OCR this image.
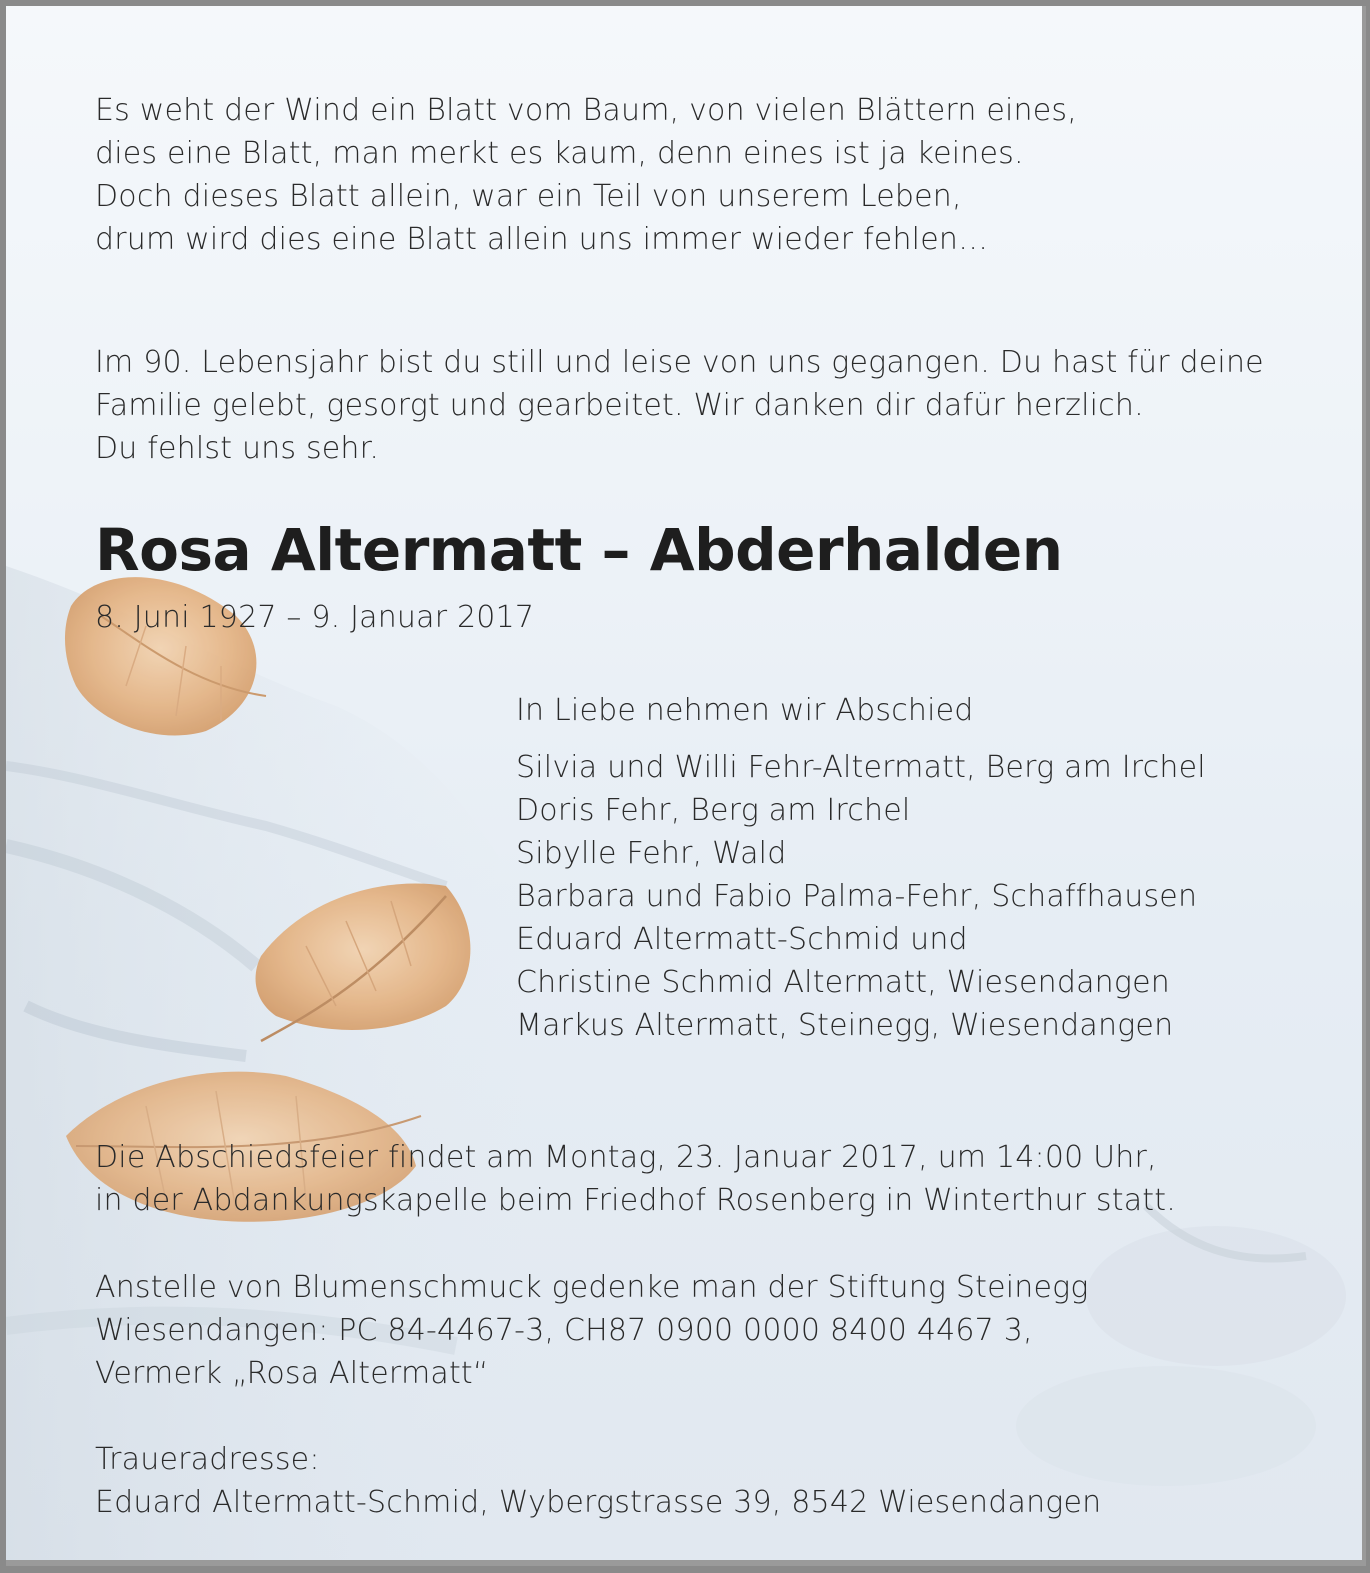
Es weht der Wind ein Blatt vom Baum, von vielen Blättern eines,
dies eine Blatt, man merkt es kaum, denn eines ist ja keines.
Doch dieses Blatt allein, war ein Teil von unserem Leben,
drum wird dies eine Blatt allein uns immer wieder fehlen…
Im 90. Lebensjahr bist du still und leise von uns gegangen. Du hast für deine
Familie gelebt, gesorgt und gearbeitet. Wir danken dir dafür herzlich.
Du fehlst uns sehr.
Rosa Altermatt – Abderhalden
8. Juni 1927 – 9. Januar 2017
In Liebe nehmen wir Abschied
Silvia und Willi Fehr-Altermatt, Berg am Irchel
Doris Fehr, Berg am Irchel
Sibylle Fehr, Wald
Barbara und Fabio Palma-Fehr, Schaffhausen
Eduard Altermatt-Schmid und
Christine Schmid Altermatt, Wiesendangen
Markus Altermatt, Steinegg, Wiesendangen
Die Abschiedsfeier findet am Montag, 23. Januar 2017, um 14:00 Uhr,
in der Abdankungskapelle beim Friedhof Rosenberg in Winterthur statt.
Anstelle von Blumenschmuck gedenke man der Stiftung Steinegg
Wiesendangen: PC 84-4467-3, CH87 0900 0000 8400 4467 3,
Vermerk „Rosa Altermatt“
Traueradresse:
Eduard Altermatt-Schmid, Wybergstrasse 39, 8542 Wiesendangen
